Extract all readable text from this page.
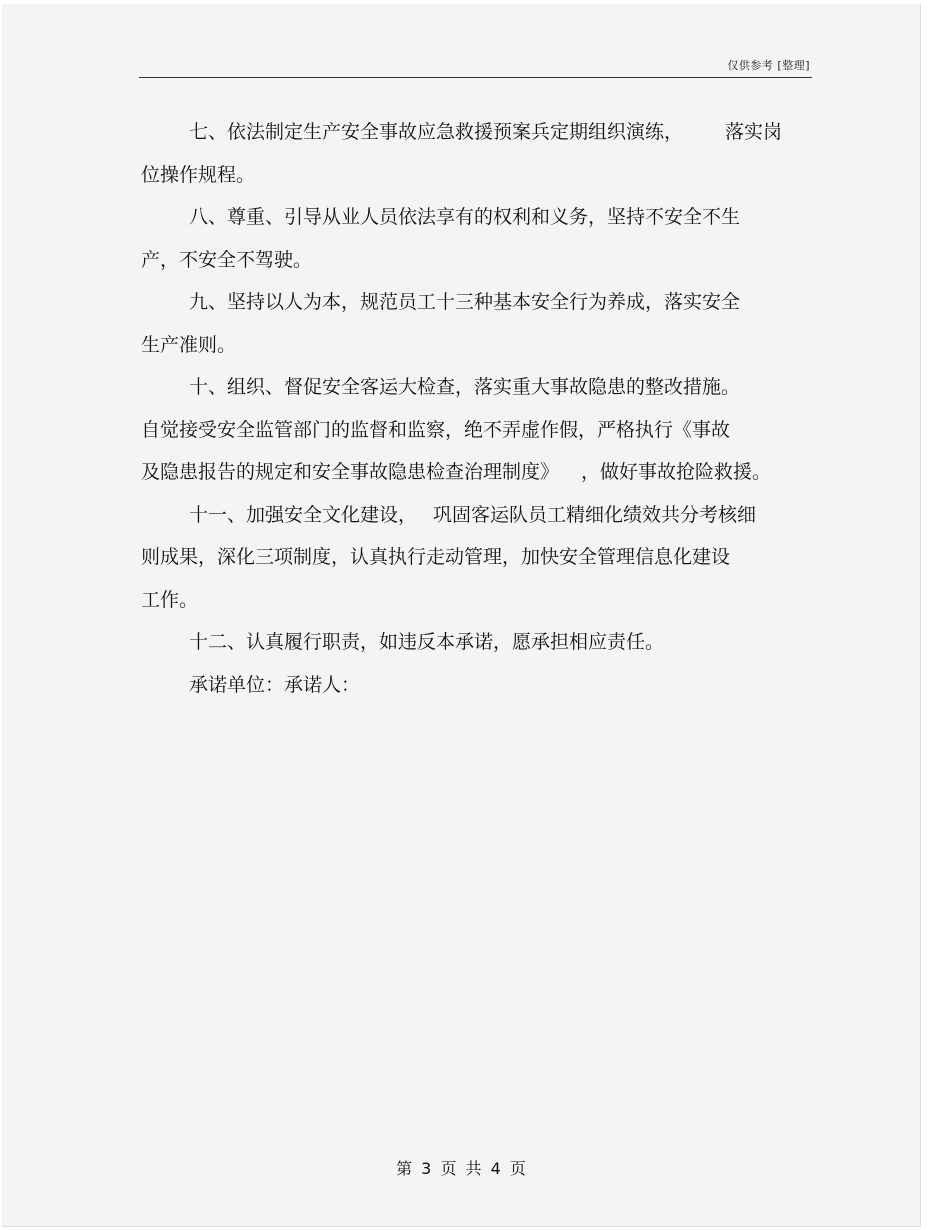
仅供参考 [整理]
七、依法制定生产安全事故应急救援预案兵定期组织演练， 落实岗
位操作规程。
八、尊重、引导从业人员依法享有的权利和义务，坚持不安全不生
产，不安全不驾驶。
九、坚持以人为本，规范员工十三种基本安全行为养成，落实安全
生产准则。
十、组织、督促安全客运大检查，落实重大事故隐患的整改措施。
自觉接受安全监管部门的监督和监察，绝不弄虚作假，严格执行《事故
及隐患报告的规定和安全事故隐患检查治理制度》 ，做好事故抢险救援。
十一、加强安全文化建设， 巩固客运队员工精细化绩效共分考核细
则成果，深化三项制度，认真执行走动管理，加快安全管理信息化建设
工作。
十二、认真履行职责，如违反本承诺，愿承担相应责任。
承诺单位：承诺人：
第 3 页 共 4 页
